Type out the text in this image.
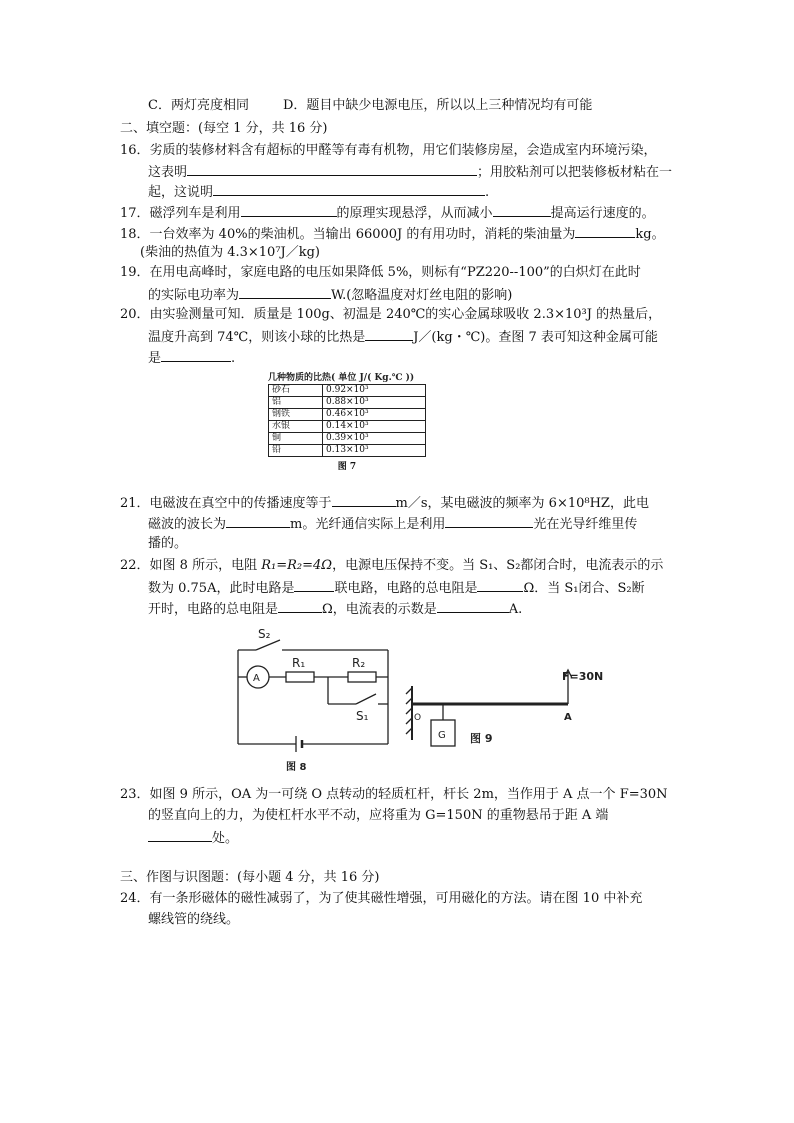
C．两灯亮度相同	D．题目中缺少电源电压，所以以上三种情况均有可能
二、填空题：(每空 1 分，共 16 分)
16．劣质的装修材料含有超标的甲醛等有毒有机物，用它们装修房屋，会造成室内环境污染，
这表明	；用胶粘剂可以把装修板材粘在一
起，这说明	.
17．磁浮列车是利用	的原理实现悬浮，从而减小	提高运行速度的。
18．一台效率为 40%的柴油机。当输出 66000J 的有用功时，消耗的柴油量为	kg。
(柴油的热值为 4.3×10⁷J／kg)
19．在用电高峰时，家庭电路的电压如果降低 5%，则标有“PZ220--100”的白炽灯在此时
的实际电功率为	W.(忽略温度对灯丝电阻的影响)
20．由实验测量可知．质量是 100g、初温是 240℃的实心金属球吸收 2.3×10³J 的热量后，
温度升高到 74℃，则该小球的比热是	J／(kg・℃)。查图 7 表可知这种金属可能
是	.
几种物质的比热( 单位 J/( Kg.℃ ))
砂石	0.92×10³
铝	0.88×10³
钢铁	0.46×10³
水银	0.14×10³
铜	0.39×10³
铅	0.13×10³
图 7
21．电磁波在真空中的传播速度等于	m／s，某电磁波的频率为 6×10⁸HZ，此电
磁波的波长为	m。光纤通信实际上是利用	光在光导纤维里传
播的。
22．如图 8 所示，电阻 R₁=R₂=4Ω，电源电压保持不变。当 S₁、S₂都闭合时，电流表示的示
数为 0.75A，此时电路是	联电路，电路的总电阻是	Ω．当 S₁闭合、S₂断
开时，电路的总电阻是	Ω，电流表的示数是	A.
S₂
A
R₁	R₂
S₁
图 8
F=30N
O	A
G 图 9
23．如图 9 所示，OA 为一可绕 O 点转动的轻质杠杆，杆长 2m，当作用于 A 点一个 F=30N
的竖直向上的力，为使杠杆水平不动，应将重为 G=150N 的重物悬吊于距 A 端
处。
三、作图与识图题：(每小题 4 分，共 16 分)
24．有一条形磁体的磁性减弱了，为了使其磁性增强，可用磁化的方法。请在图 10 中补充
螺线管的绕线。
